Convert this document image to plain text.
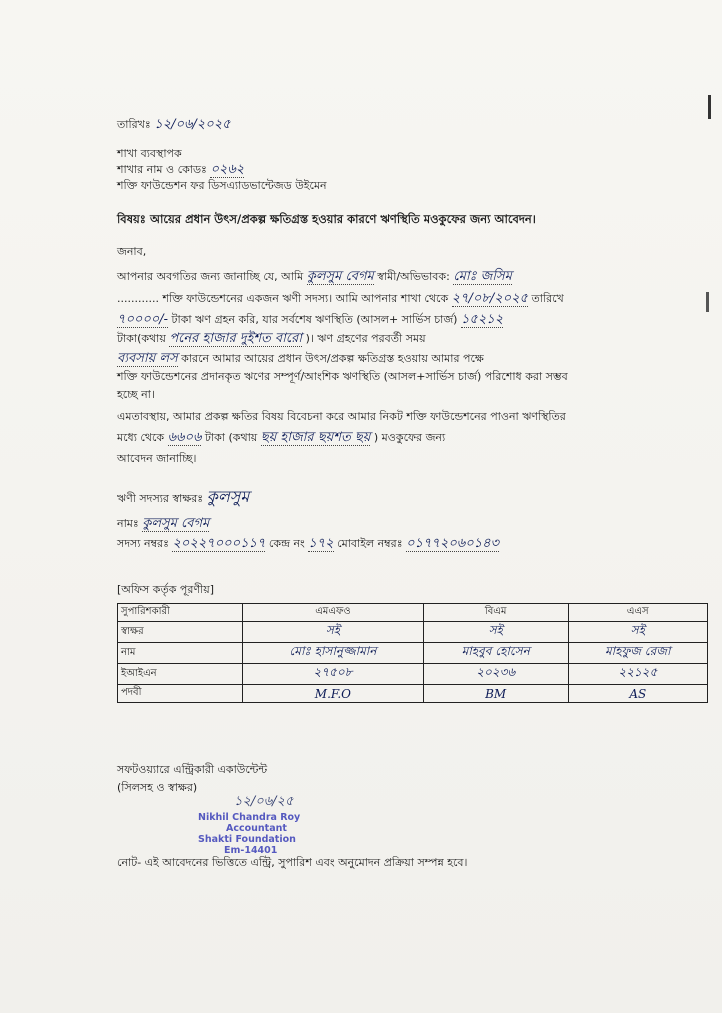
তারিখঃ ১২/০৬/২০২৫
শাখা ব্যবস্থাপক
শাখার নাম ও কোডঃ ০২৬২
শক্তি ফাউন্ডেশন ফর ডিসএ্যাডভান্টেজড উইমেন
বিষয়ঃ আয়ের প্রধান উৎস/প্রকল্প ক্ষতিগ্রস্ত হওয়ার কারণে ঋণস্থিতি মওকুফের জন্য আবেদন।
জনাব,
আপনার অবগতির জন্য জানাচ্ছি যে, আমি কুলসুম বেগম স্বামী/অভিভাবক: মোঃ জসিম
............ শক্তি ফাউন্ডেশনের একজন ঋণী সদস্য। আমি আপনার শাখা থেকে ২৭/০৮/২০২৫ তারিখে
৭০০০০/- টাকা ঋণ গ্রহন করি, যার সর্বশেষ ঋণস্থিতি (আসল+ সার্ভিস চার্জ) ১৫২১২
টাকা(কথায় পনের হাজার দুইশত বারো )। ঋণ গ্রহণের পরবর্তী সময়
ব্যবসায় লস কারনে আমার আয়ের প্রধান উৎস/প্রকল্প ক্ষতিগ্রস্ত হওয়ায় আমার পক্ষে
শক্তি ফাউন্ডেশনের প্রদানকৃত ঋণের সম্পূর্ণ/আংশিক ঋণস্থিতি (আসল+সার্ভিস চার্জ) পরিশোধ করা সম্ভব
হচ্ছে না।
এমতাবস্থায়, আমার প্রকল্প ক্ষতির বিষয় বিবেচনা করে আমার নিকট শক্তি ফাউন্ডেশনের পাওনা ঋণস্থিতির
মধ্যে থেকে ৬৬০৬ টাকা (কথায় ছয় হাজার ছয়শত ছয় ) মওকুফের জন্য
আবেদন জানাচ্ছি।
ঋণী সদস্যর স্বাক্ষরঃ কুলসুম
নামঃ কুলসুম বেগম
সদস্য নম্বরঃ ২০২২৭০০০১১৭ কেন্দ্র নং ১৭২ মোবাইল নম্বরঃ ০১৭৭২০৬০১৪৩
[অফিস কর্তৃক পূরণীয়]
সুপারিশকারী	এমএফও	বিএম	এএস
স্বাক্ষর	সই	সই	সই
নাম	মোঃ হাসানুজ্জামান	মাহবুব হোসেন	মাহফুজ রেজা
ইআইএন	২৭৫০৮	২০২৩৬	২২১২৫
পদবী	M.F.O	BM	AS
সফটওয়্যারে এন্ট্রিকারী একাউন্টেন্ট
(সিলসহ ও স্বাক্ষর)
১২/০৬/২৫
Nikhil Chandra Roy
Accountant
Shakti Foundation
Em-14401
নোট- এই আবেদনের ভিত্তিতে এন্ট্রি, সুপারিশ এবং অনুমোদন প্রক্রিয়া সম্পন্ন হবে।
